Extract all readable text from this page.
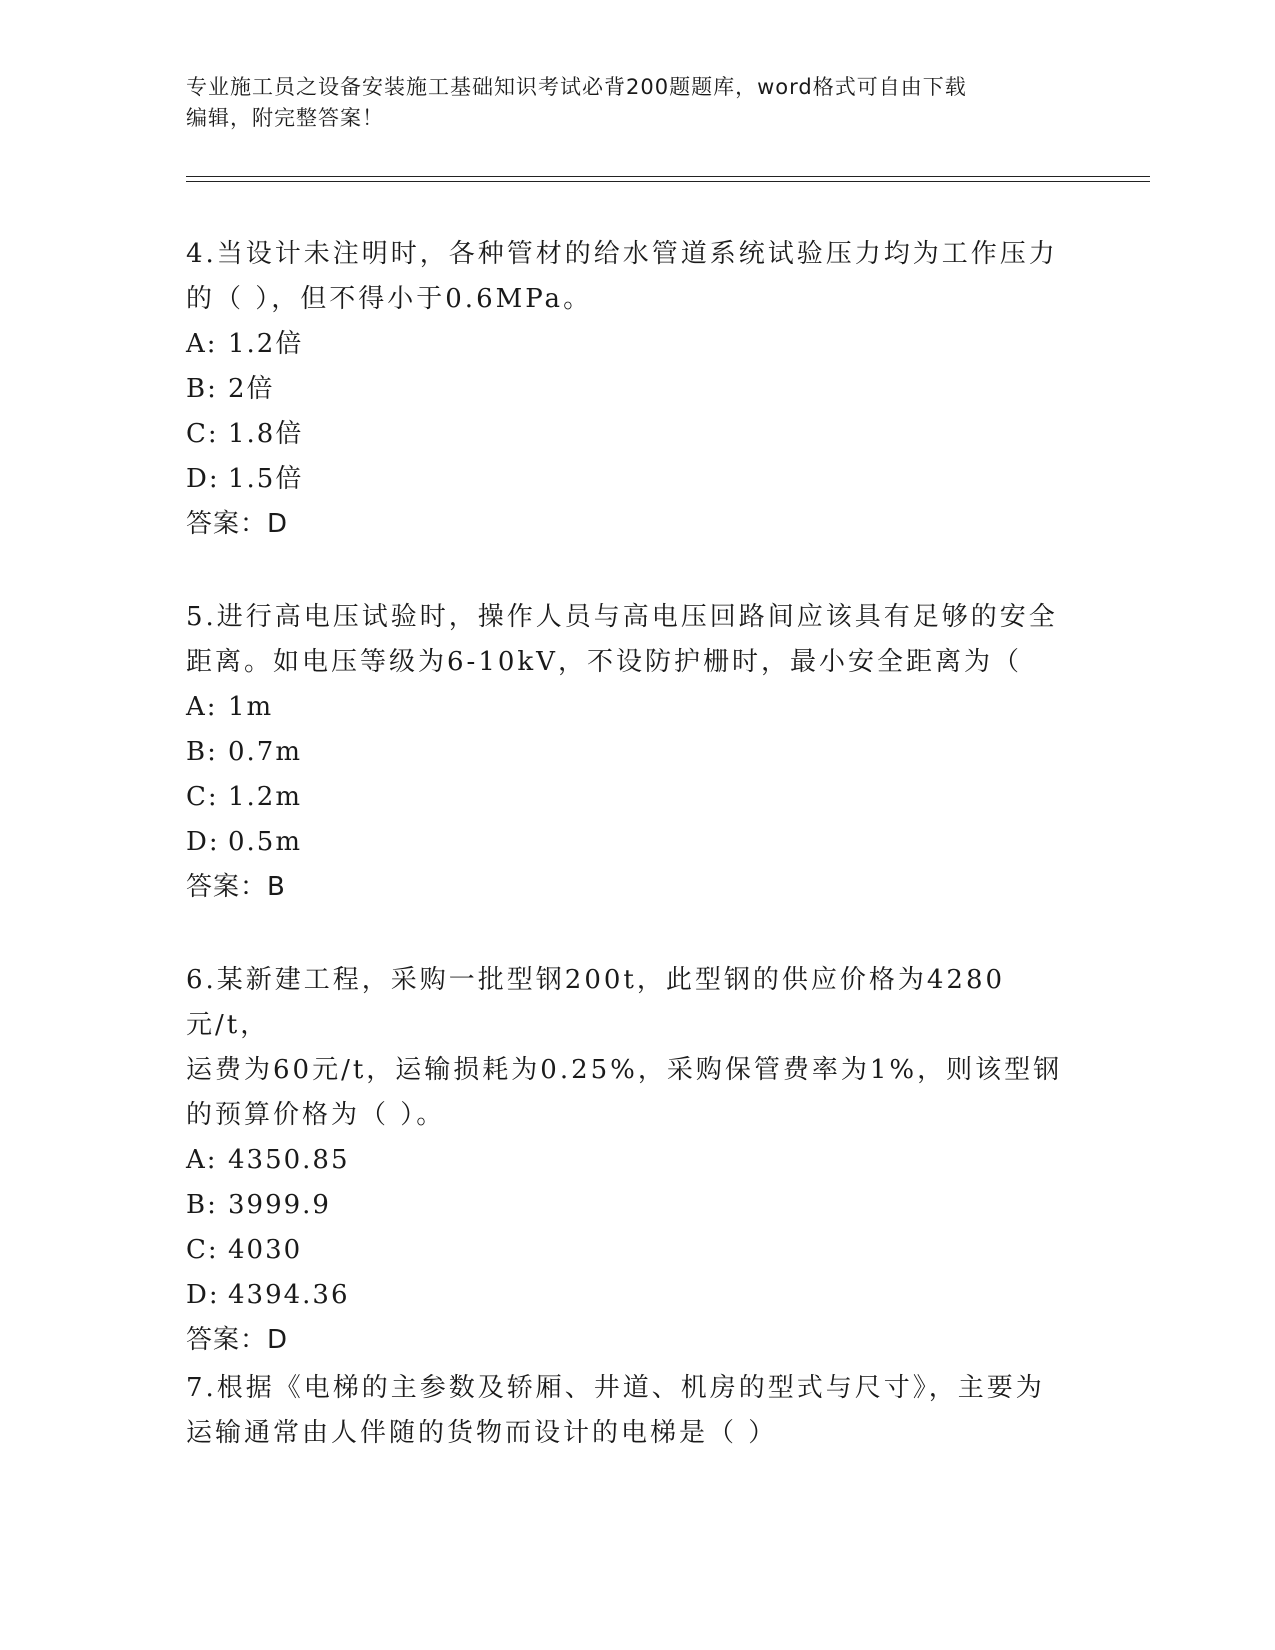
专业施工员之设备安装施工基础知识考试必背200题题库，word格式可自由下载
编辑，附完整答案！

4.当设计未注明时，各种管材的给水管道系统试验压力均为工作压力

的（ ），但不得小于0.6MPa。

A: 1.2倍

B: 2倍

C: 1.8倍

D: 1.5倍

答案：D

5.进行高电压试验时，操作人员与高电压回路间应该具有足够的安全

距离。如电压等级为6-10kV，不设防护栅时，最小安全距离为（

A: 1m

B: 0.7m

C: 1.2m

D: 0.5m

答案：B

6.某新建工程，采购一批型钢200t，此型钢的供应价格为4280元/t，

运费为60元/t，运输损耗为0.25%，采购保管费率为1%，则该型钢

的预算价格为（ ）。

A: 4350.85

B: 3999.9

C: 4030

D: 4394.36

答案：D

7.根据《电梯的主参数及轿厢、井道、机房的型式与尺寸》，主要为

运输通常由人伴随的货物而设计的电梯是（ ）
